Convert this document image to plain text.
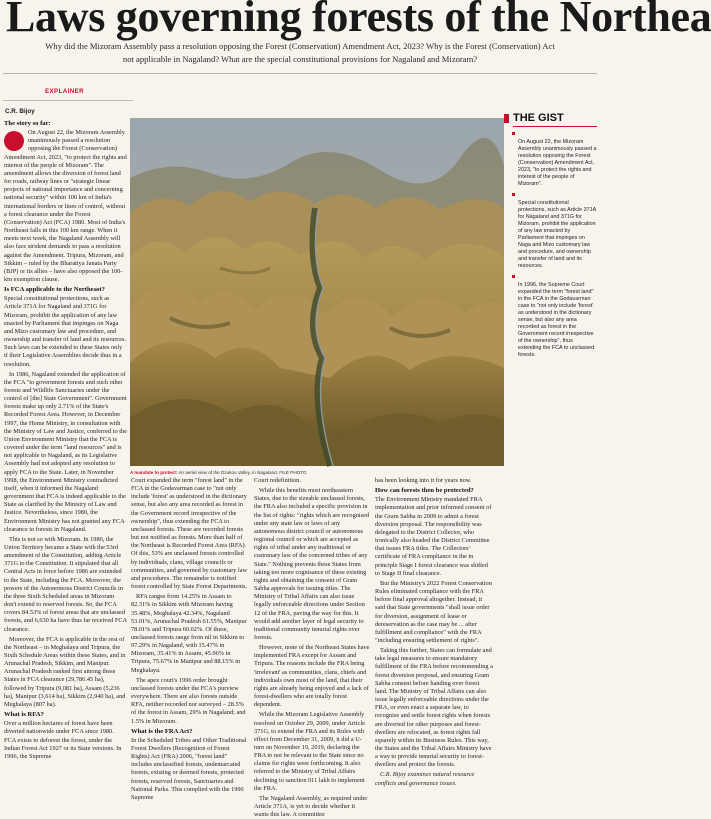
Laws governing forests of the Northea
Why did the Mizoram Assembly pass a resolution opposing the Forest (Conservation) Amendment Act, 2023? Why is the Forest (Conservation) Act not applicable in Nagaland? What are the special constitutional provisions for Nagaland and Mizoram?
EXPLAINER
C.R. Bijoy
The story so far:

On August 22, the Mizoram Assembly unanimously passed a resolution opposing the Forest (Conservation) Amendment Act, 2023, "to protect the rights and interest of the people of Mizoram". The amendment allows the diversion of forest land for roads, railway lines or "strategic linear projects of national importance and concerning national security" within 100 km of India's international borders or lines of control, without a forest clearance under the Forest (Conservation) Act (FCA) 1980. Most of India's Northeast falls in this 100 km range. When it meets next week, the Nagaland Assembly will also face strident demands to pass a resolution against the Amendment. Tripura, Mizoram, and Sikkim – ruled by the Bharatiya Janata Party (BJP) or its allies – have also opposed the 100-km exemption clause.

Is FCA applicable to the Northeast?

Special constitutional protections, such as Article 371A for Nagaland and 371G for Mizoram, prohibit the application of any law enacted by Parliament that impinges on Naga and Mizo customary law and procedure, and ownership and transfer of land and its resources. Such laws can be extended to these States only if their Legislative Assemblies decide thus in a resolution.

In 1986, Nagaland extended the application of the FCA "to government forests and such other forests and Wildlife Sanctuaries under the control of [the] State Government". Government forests make up only 2.71% of the State's Recorded Forest Area. However, in December 1997, the Home Ministry, in consultation with the Ministry of Law and Justice, conferred to the Union Environment Ministry that the FCA is covered under the term "land resources" and is not applicable to Nagaland, as its Legislative Assembly had not adopted any resolution to apply FCA to the State. Later, in November 1998, the Environment Ministry contradicted itself, when it informed the Nagaland government that FCA is indeed applicable to the State as clarified by the Ministry of Law and Justice. Nevertheless, since 1980, the Environment Ministry has not granted any FCA clearance to forests in Nagaland.

This is not so with Mizoram. In 1986, the Union Territory became a State with the 53rd amendment of the Constitution, adding Article 371G to the Constitution. It stipulated that all Central Acts in force before 1986 are extended to the State, including the FCA. Moreover, the powers of the Autonomous District Councils in the three Sixth Scheduled areas in Mizoram don't extend to reserved forests. So, the FCA covers 84.53% of forest areas that are unclassed forests, and 6,630 ha have thus far received FCA clearance.

Moreover, the FCA is applicable in the rest of the Northeast – in Meghalaya and Tripura, the Sixth Schedule Areas within these States, and in Arunachal Pradesh, Sikkim, and Manipur. Arunachal Pradesh ranked first among these States in FCA clearance (29,786.45 ha), followed by Tripura (9,081 ha), Assam (5,236 ha), Manipur (3,614 ha), Sikkim (2,940 ha), and Meghalaya (807 ha).

What is RFA?

Over a million hectares of forest have been diverted nationwide under FCA since 1980. FCA exists to deforest the forest, under the Indian Forest Act 1927 or its State versions. In 1996, the Supreme

A mandate to protect: An aerial view of the Dzukou Valley, in Nagaland. FILE PHOTO

Court expanded the term "forest land" in the FCA in the Godavarman case to "not only include 'forest' as understood in the dictionary sense, but also any area recorded as forest in the Government record irrespective of the ownership", thus extending the FCA to unclassed forests. These are recorded forests but not notified as forests. More than half of the Northeast is Recorded Forest Area (RFA). Of this, 53% are unclassed forests controlled by individuals, clans, village councils or communities, and governed by customary law and procedures. The remainder is notified forest controlled by State Forest Departments.

RFA ranges from 14.25% in Assam to 82.31% in Sikkim with Mizoram having 35.48%, Meghalaya 42.34%, Nagaland 53.01%, Arunachal Pradesh 61.55%, Manipur 78.01% and Tripura 60.02%. Of these, unclassed forests range from nil in Sikkim to 97.29% in Nagaland, with 15.47% in Mizoram, 35.41% in Assam, 45.96% in Tripura, 75.67% in Manipur and 88.15% in Meghalaya.

The apex court's 1996 order brought unclassed forests under the FCA's purview everywhere. There are also forests outside RFA, neither recorded nor surveyed – 28.5% of the forest in Assam, 29% in Nagaland; and 1.5% in Mizoram.

What is the FRA Act?

In the Scheduled Tribes and Other Traditional Forest Dwellers (Recognition of Forest Rights) Act (FRA) 2006, "forest land" includes unclassified forests, undemarcated forests, existing or deemed forests, protected forests, reserved forests, Sanctuaries and National Parks. This complied with the 1996 Supreme

Court redefinition.

While this benefits most northeastern States, due to the sizeable unclassed forests, the FRA also included a specific provision in the list of rights: "rights which are recognised under any state law or laws of any autonomous district council or autonomous regional council or which are accepted as rights of tribal under any traditional or customary law of the concerned tribes of any State." Nothing prevents these States from taking too more cognisance of these existing rights and obtaining the consent of Gram Sabha approvals for issuing titles. The Ministry of Tribal Affairs can also issue legally enforceable directions under Section 12 of the FRA, paving the way for this. It would add another layer of legal security to traditional community tenurial rights over forests.

However, none of the Northeast States have implemented FRA except for Assam and Tripura. The reasons include the FRA being 'irrelevant' as communities, clans, chiefs and individuals own most of the land, that their rights are already being enjoyed and a lack of forest-dwellers who are totally forest dependent.

While the Mizoram Legislative Assembly resolved on October 29, 2009, under Article 371G, to extend the FRA and its Rules with effect from December 31, 2009, it did a U-turn on November 19, 2019, declaring the FRA to not be relevant to the State since no claims for rights were forthcoming. It also referred to the Ministry of Tribal Affairs declining to sanction 011 lakh to implement the FRA.

The Nagaland Assembly, as required under Article 371A, is yet to decide whether it wants this law. A committee

has been looking into it for years now.

How can forests then be protected?

The Environment Ministry mandated FRA implementation and prior informed consent of the Gram Sabha in 2009 to admit a forest diversion proposal. The responsibility was delegated to the District Collector, who ironically also headed the District Committee that issues FRA titles. The Collectors' certificate of FRA compliance in the in principle Stage I forest clearance was shifted to Stage II final clearance.

But the Ministry's 2022 Forest Conservation Rules eliminated compliance with the FRA before final approval altogether. Instead, it said that State governments "shall issue order for diversion, assignment of lease or dereservation as the case may be ... after fulfillment and compliance" with the FRA "including ensuring settlement of rights".

Taking this further, States can formulate and take legal measures to ensure mandatory fulfillment of the FRA before recommending a forest diversion proposal, and ensuring Gram Sabha consent before handing over forest land. The Ministry of Tribal Affairs can also issue legally enforceable directions under the FRA, or even enact a separate law, to recognise and settle forest rights when forests are diverted for other purposes and forest-dwellers are relocated, as forest rights fall squarely within its Business Rules. This way, the States and the Tribal Affairs Ministry have a way to provide tenurial security to forest-dwellers and protect the forests.

C.R. Bijoy examines natural resource conflicts and governance issues.

THE GIST
On August 22, the Mizoram Assembly unanimously passed a resolution opposing the Forest (Conservation) Amendment Act, 2023, "to protect the rights and interest of the people of Mizoram".
Special constitutional protections, such as Article 371A for Nagaland and 371G for Mizoram, prohibit the application of any law enacted by Parliament that impinges on Naga and Mizo customary law and procedure, and ownership and transfer of land and its resources.
In 1996, the Supreme Court expanded the term "forest land" in the FCA in the Godavarman case to "not only include 'forest' as understood in the dictionary sense, but also any area recorded as forest in the Government record irrespective of the ownership", thus extending the FCA to unclassed forests.
